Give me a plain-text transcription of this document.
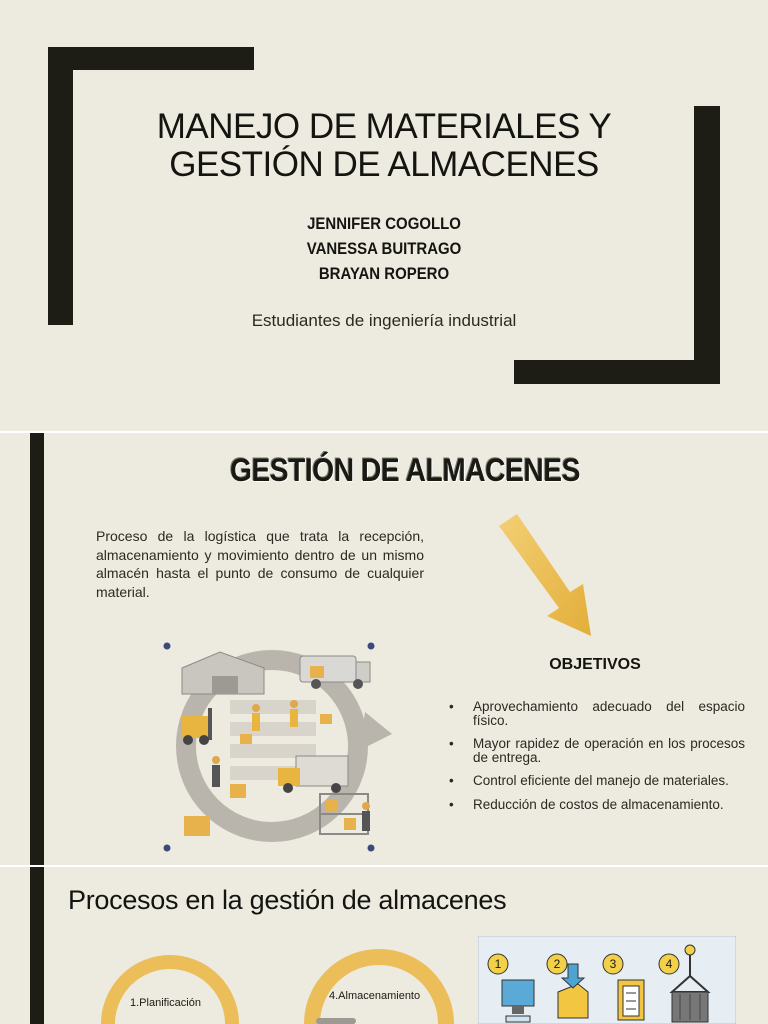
MANEJO DE MATERIALES Y
GESTIÓN DE ALMACENES
JENNIFER COGOLLO
VANESSA BUITRAGO
BRAYAN ROPERO
Estudiantes de ingeniería industrial
GESTIÓN DE ALMACENES
Proceso de la logística que trata la recepción, almacenamiento y movimiento dentro de un mismo almacén hasta el punto de consumo de cualquier material.
OBJETIVOS
• Aprovechamiento adecuado del espacio físico.
• Mayor rapidez de operación en los procesos de entrega.
• Control eficiente del manejo de materiales.
• Reducción de costos de almacenamiento.
Procesos en la gestión de almacenes
1.Planificación
4.Almacenamiento
1	2	3	4
